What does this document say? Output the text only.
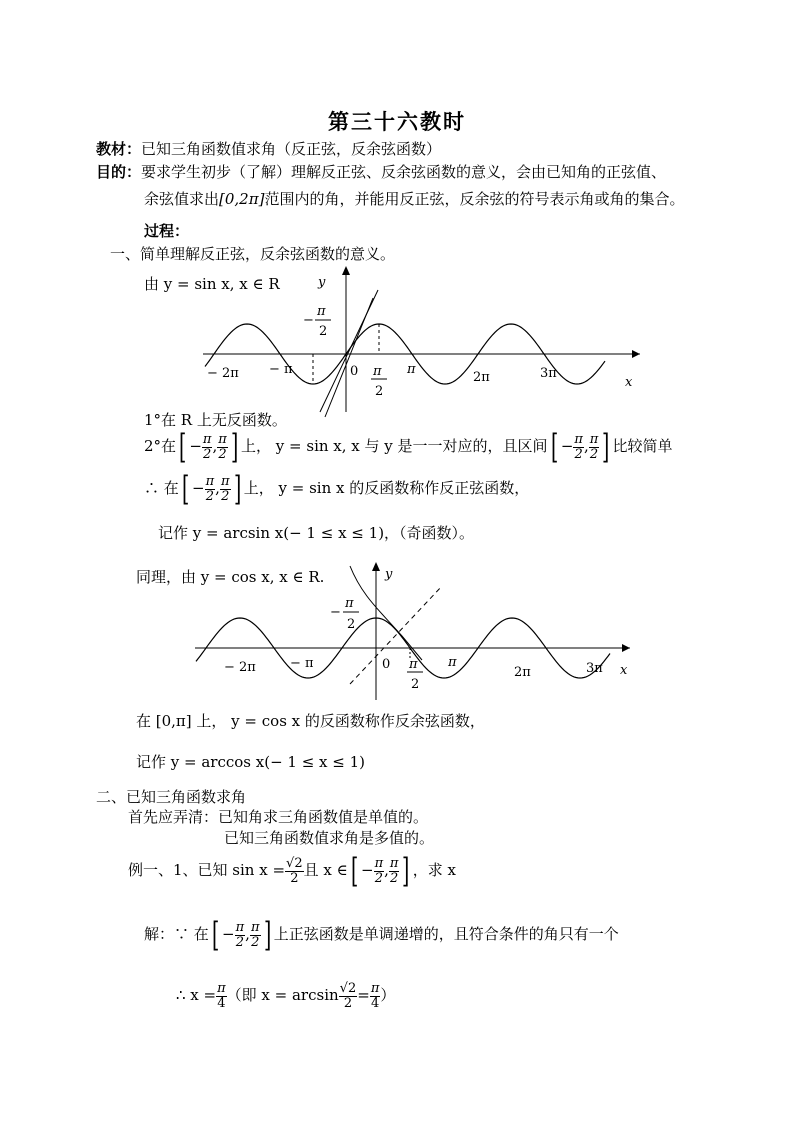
第三十六教时
教材：已知三角函数值求角（反正弦，反余弦函数）
目的：要求学生初步（了解）理解反正弦、反余弦函数的意义，会由已知角的正弦值、
余弦值求出[0,2π]范围内的角，并能用反正弦，反余弦的符号表示角或角的集合。
过程：
一、简单理解反正弦，反余弦函数的意义。
由 y = sin x, x ∈ R	y
x
0
−
π
2
π
2
− 2π − π	π
2π	3π
1°在 R 上无反函数。
2°在[ − $\frac{\pi}{2}$ , $\frac{\pi}{2}$ ] 上， y = sin x, x 与 y 是一一对应的，且区间[ − $\frac{\pi}{2}$ , $\frac{\pi}{2}$ ] 比较简单
∴ 在[ − $\frac{\pi}{2}$ , $\frac{\pi}{2}$ ] 上， y = sin x 的反函数称作反正弦函数，
记作 y = arcsin x(− 1 ≤ x ≤ 1)，（奇函数）。
同理，由 y = cos x, x ∈ R.	y
x
0
−
π
2
π
2
− 2π	− π	π
2π	3π
在 [0,π] 上， y = cos x 的反函数称作反余弦函数，
记作 y = arccos x(− 1 ≤ x ≤ 1)
二、已知三角函数求角
首先应弄清：已知角求三角函数值是单值的。
已知三角函数值求角是多值的。
例一、1、已知 $\sin x = \frac{√2}{2}$ 且 x ∈[ − $\frac{\pi}{2}$ , $\frac{\pi}{2}$ ] ，求 x
解：∵ 在[ − $\frac{\pi}{2}$ , $\frac{\pi}{2}$ ] 上正弦函数是单调递增的，且符合条件的角只有一个
∴ $x = \frac{\pi}{4}$ （即 $x = \arcsin \frac{√2}{2} = \frac{\pi}{4}$ ）
